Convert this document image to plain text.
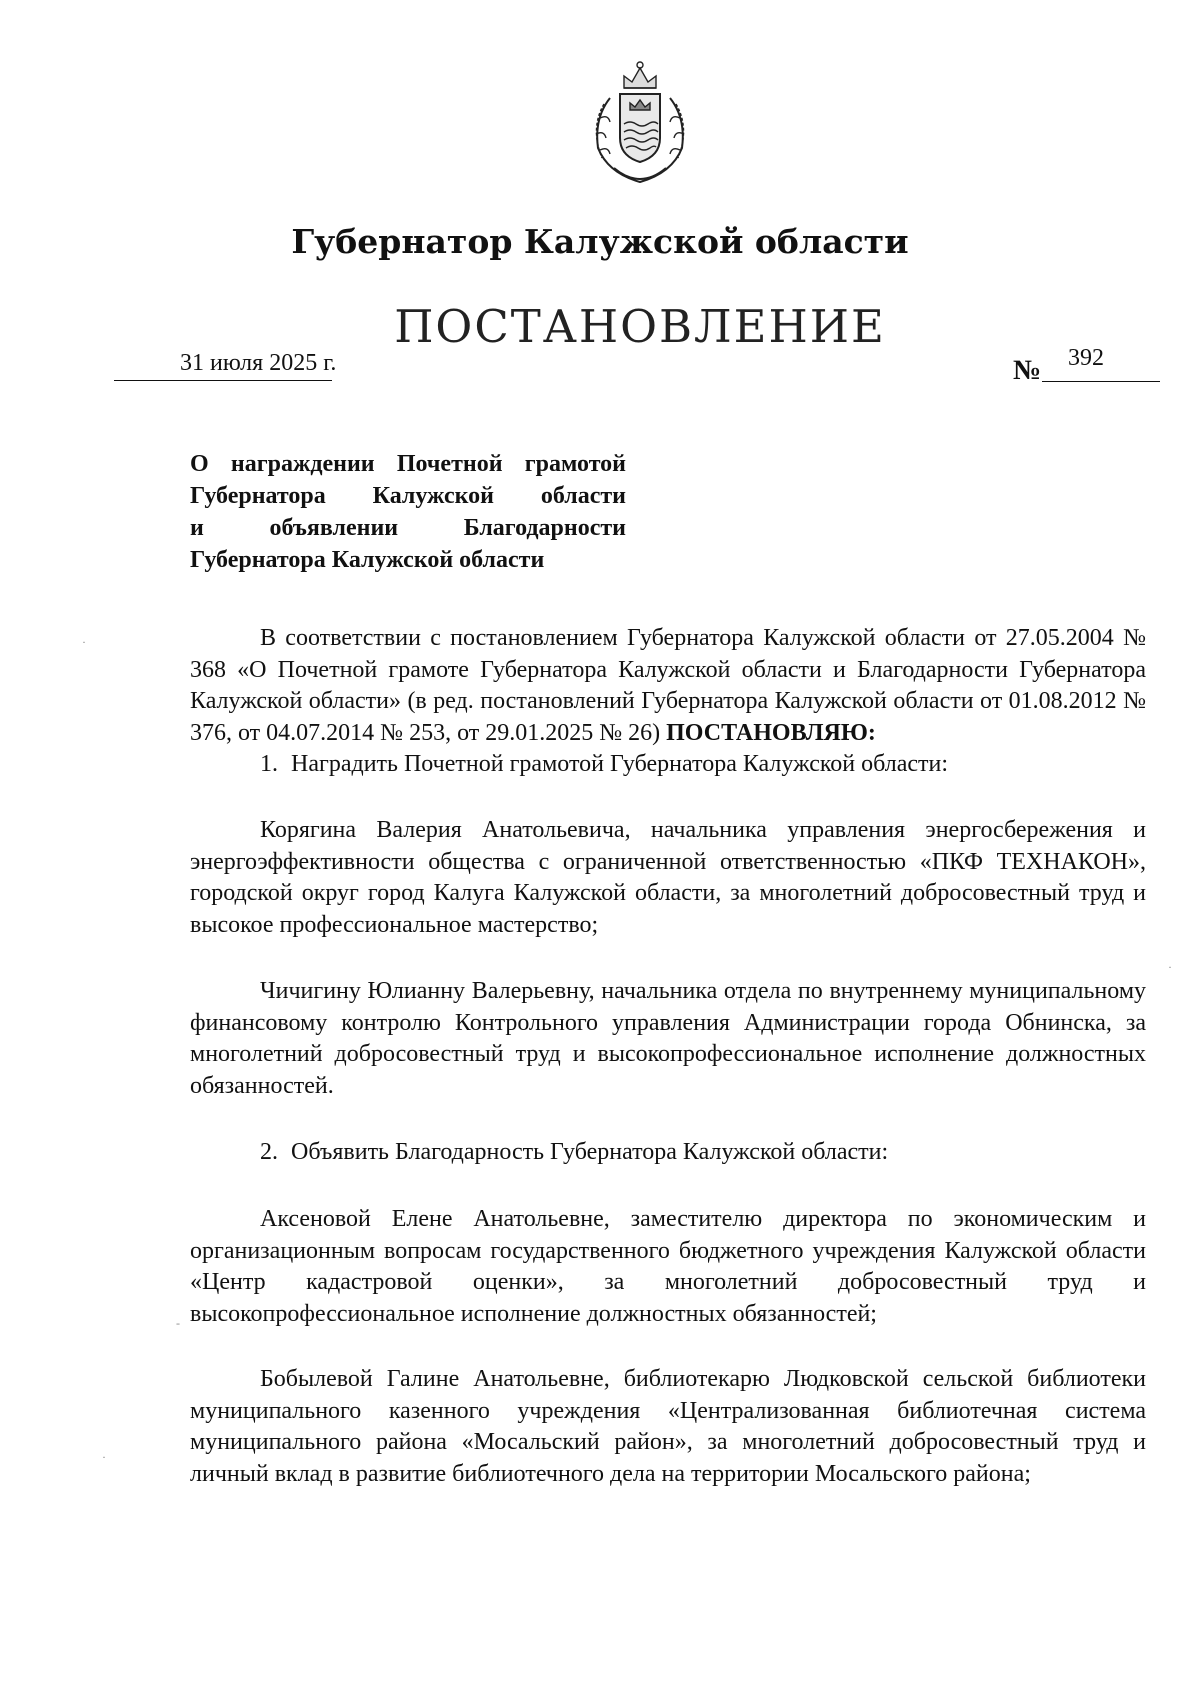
Губернатор Калужской области
ПОСТАНОВЛЕНИЕ
31 июля 2025 г.	№ 392
О награждении Почетной грамотой
Губернатора Калужской области
и объявлении Благодарности
Губернатора Калужской области

В соответствии с постановлением Губернатора Калужской области от 27.05.2004 № 368 «О Почетной грамоте Губернатора Калужской области и Благодарности Губернатора Калужской области» (в ред. постановлений Губернатора Калужской области от 01.08.2012 № 376, от 04.07.2014 № 253, от 29.01.2025 № 26) ПОСТАНОВЛЯЮ:

1. Наградить Почетной грамотой Губернатора Калужской области:

Корягина Валерия Анатольевича, начальника управления энергосбережения и энергоэффективности общества с ограниченной ответственностью «ПКФ ТЕХНАКОН», городской округ город Калуга Калужской области, за многолетний добросовестный труд и высокое профессиональное мастерство;

Чичигину Юлианну Валерьевну, начальника отдела по внутреннему муниципальному финансовому контролю Контрольного управления Администрации города Обнинска, за многолетний добросовестный труд и высокопрофессиональное исполнение должностных обязанностей.

2. Объявить Благодарность Губернатора Калужской области:

Аксеновой Елене Анатольевне, заместителю директора по экономическим и организационным вопросам государственного бюджетного учреждения Калужской области «Центр кадастровой оценки», за многолетний добросовестный труд и высокопрофессиональное исполнение должностных обязанностей;

Бобылевой Галине Анатольевне, библиотекарю Людковской сельской библиотеки муниципального казенного учреждения «Централизованная библиотечная система муниципального района «Мосальский район», за многолетний добросовестный труд и личный вклад в развитие библиотечного дела на территории Мосальского района;

·
·
·
-
